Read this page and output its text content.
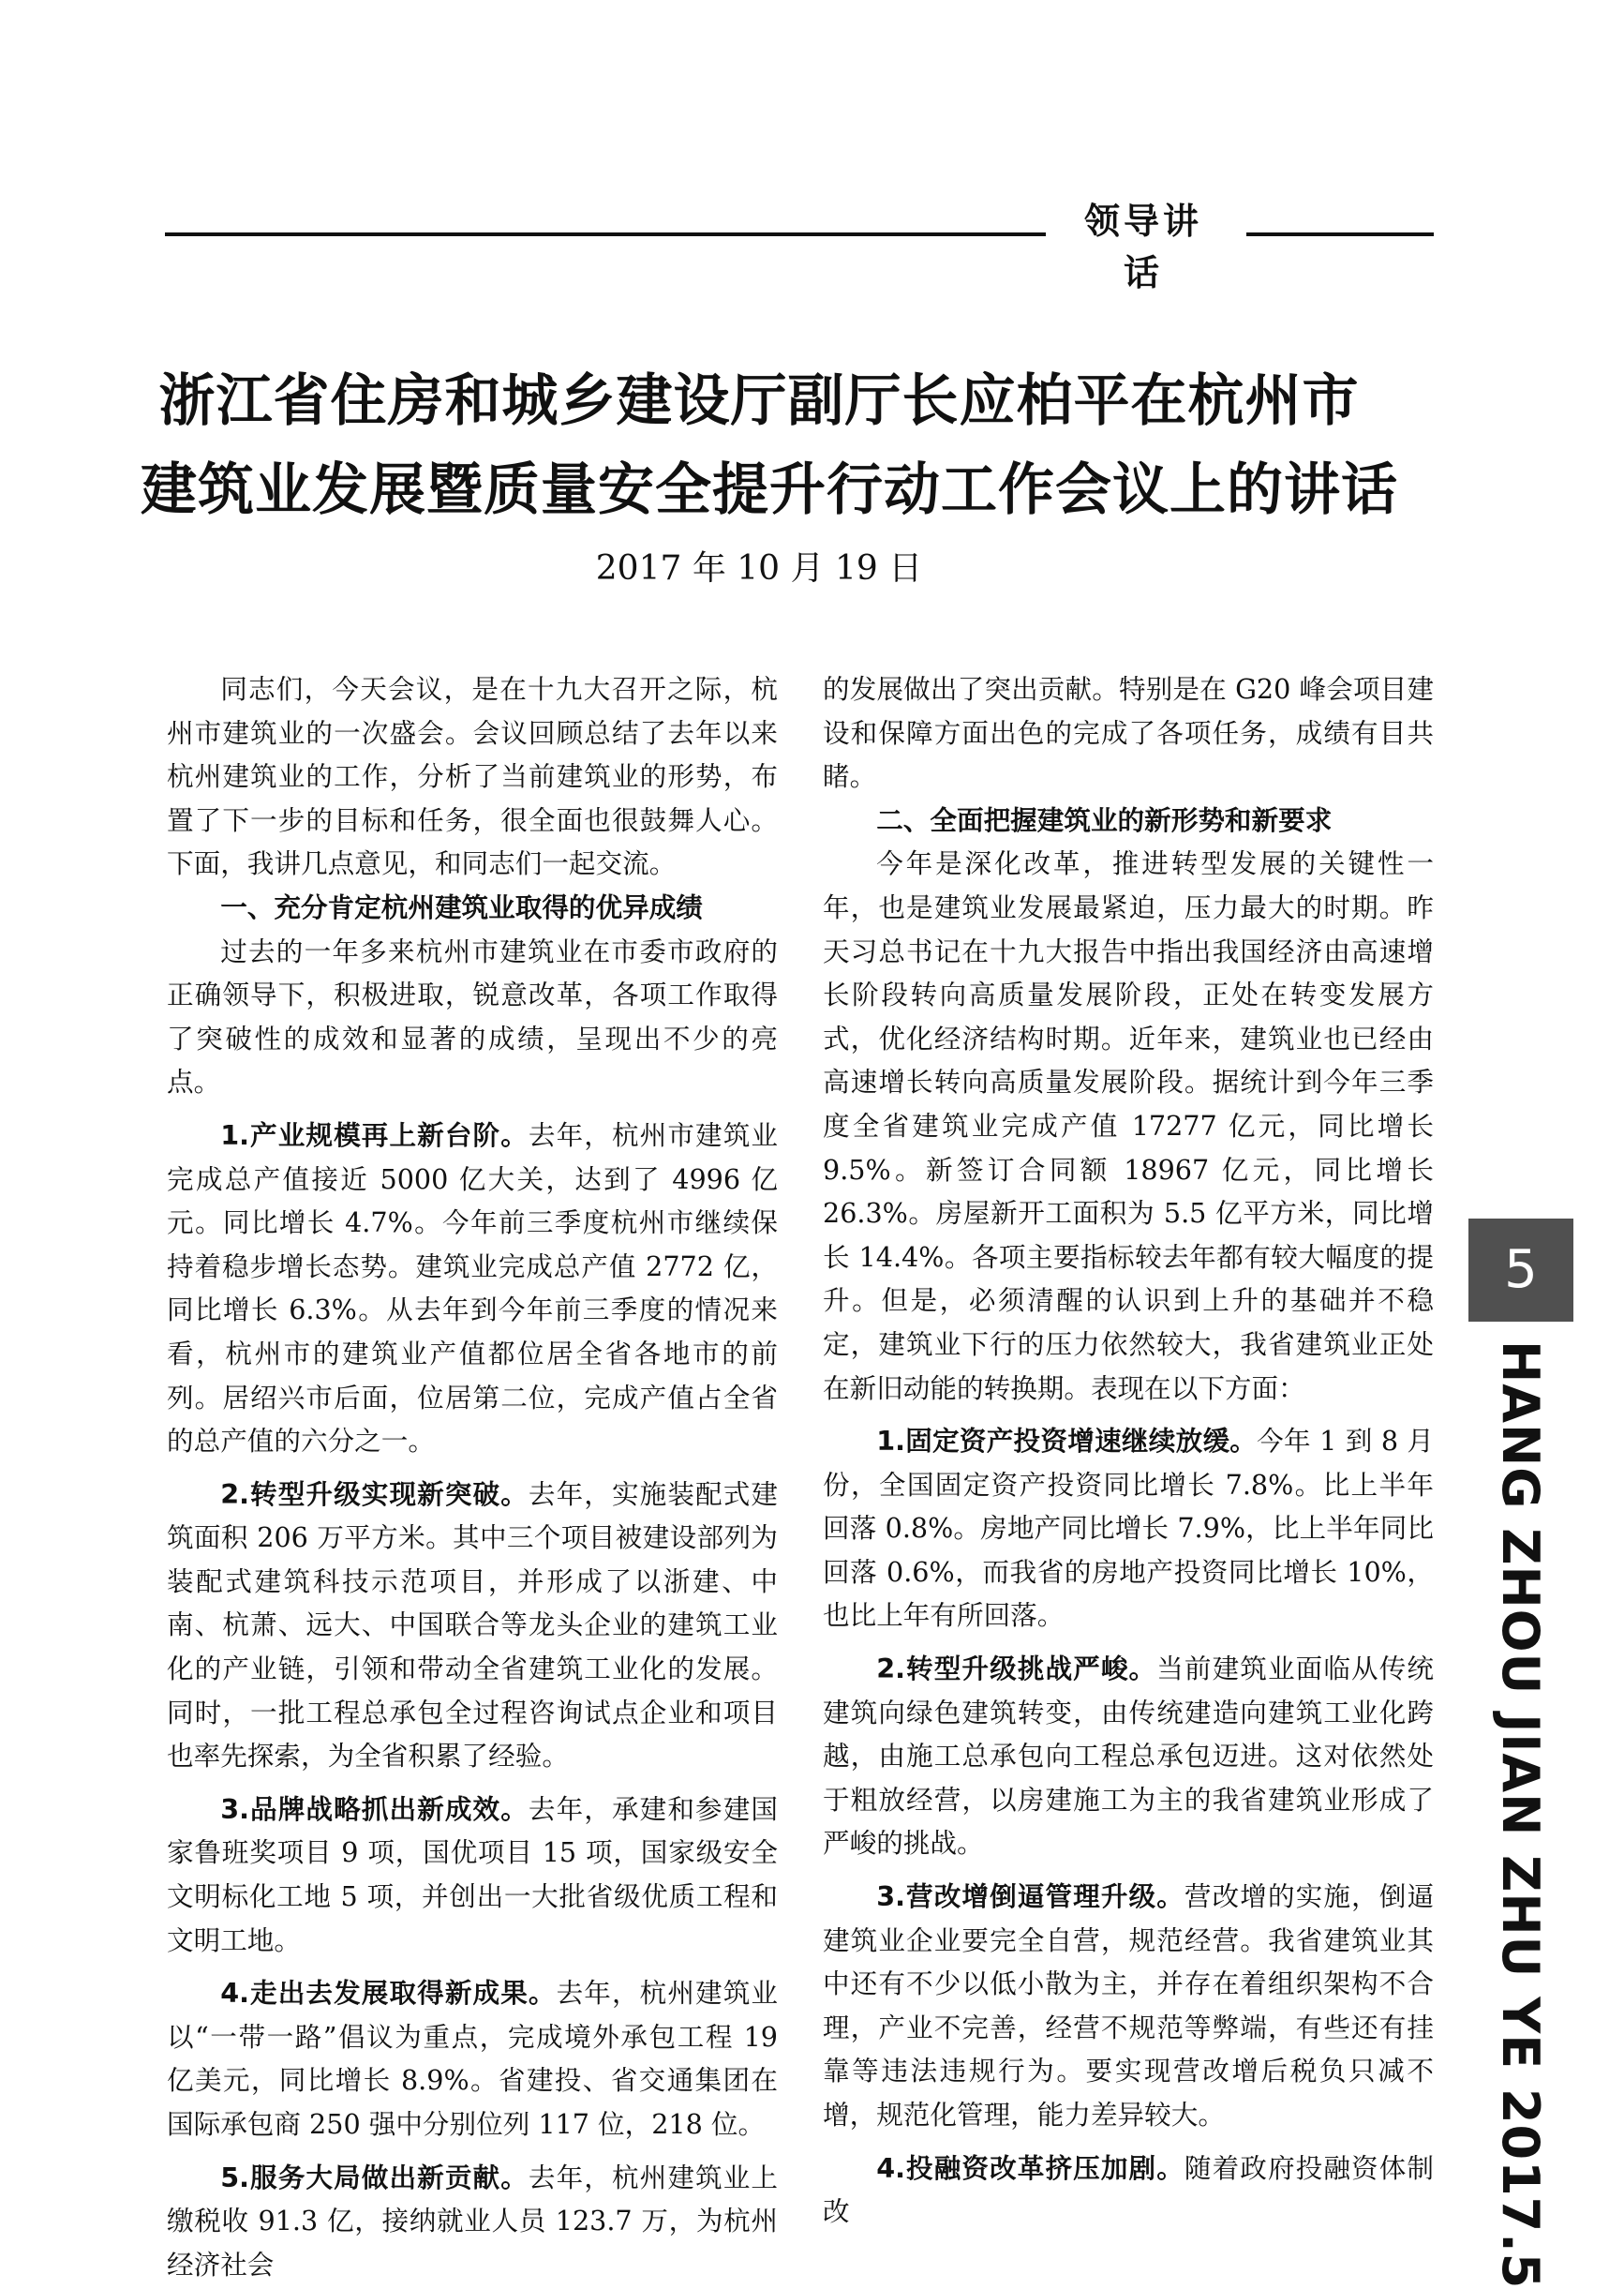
领导讲话
浙江省住房和城乡建设厅副厅长应柏平在杭州市
建筑业发展暨质量安全提升行动工作会议上的讲话
2017 年 10 月 19 日

同志们，今天会议，是在十九大召开之际，杭州市建筑业的一次盛会。会议回顾总结了去年以来杭州建筑业的工作，分析了当前建筑业的形势，布置了下一步的目标和任务，很全面也很鼓舞人心。下面，我讲几点意见，和同志们一起交流。

一、充分肯定杭州建筑业取得的优异成绩

过去的一年多来杭州市建筑业在市委市政府的正确领导下，积极进取，锐意改革，各项工作取得了突破性的成效和显著的成绩，呈现出不少的亮点。

1.产业规模再上新台阶。去年，杭州市建筑业完成总产值接近 5000 亿大关，达到了 4996 亿元。同比增长 4.7%。今年前三季度杭州市继续保持着稳步增长态势。建筑业完成总产值 2772 亿，同比增长 6.3%。从去年到今年前三季度的情况来看，杭州市的建筑业产值都位居全省各地市的前列。居绍兴市后面，位居第二位，完成产值占全省的总产值的六分之一。

2.转型升级实现新突破。去年，实施装配式建筑面积 206 万平方米。其中三个项目被建设部列为装配式建筑科技示范项目，并形成了以浙建、中南、杭萧、远大、中国联合等龙头企业的建筑工业化的产业链，引领和带动全省建筑工业化的发展。同时，一批工程总承包全过程咨询试点企业和项目也率先探索，为全省积累了经验。

3.品牌战略抓出新成效。去年，承建和参建国家鲁班奖项目 9 项，国优项目 15 项，国家级安全文明标化工地 5 项，并创出一大批省级优质工程和文明工地。

4.走出去发展取得新成果。去年，杭州建筑业以“一带一路”倡议为重点，完成境外承包工程 19 亿美元，同比增长 8.9%。省建投、省交通集团在国际承包商 250 强中分别位列 117 位，218 位。

5.服务大局做出新贡献。去年，杭州建筑业上缴税收 91.3 亿，接纳就业人员 123.7 万，为杭州经济社会

的发展做出了突出贡献。特别是在 G20 峰会项目建设和保障方面出色的完成了各项任务，成绩有目共睹。

二、全面把握建筑业的新形势和新要求

今年是深化改革，推进转型发展的关键性一年，也是建筑业发展最紧迫，压力最大的时期。昨天习总书记在十九大报告中指出我国经济由高速增长阶段转向高质量发展阶段，正处在转变发展方式，优化经济结构时期。近年来，建筑业也已经由高速增长转向高质量发展阶段。据统计到今年三季度全省建筑业完成产值 17277 亿元，同比增长 9.5%。新签订合同额 18967 亿元，同比增长 26.3%。房屋新开工面积为 5.5 亿平方米，同比增长 14.4%。各项主要指标较去年都有较大幅度的提升。但是，必须清醒的认识到上升的基础并不稳定，建筑业下行的压力依然较大，我省建筑业正处在新旧动能的转换期。表现在以下方面：

1.固定资产投资增速继续放缓。今年 1 到 8 月份，全国固定资产投资同比增长 7.8%。比上半年回落 0.8%。房地产同比增长 7.9%，比上半年同比回落 0.6%，而我省的房地产投资同比增长 10%，也比上年有所回落。

2.转型升级挑战严峻。当前建筑业面临从传统建筑向绿色建筑转变，由传统建造向建筑工业化跨越，由施工总承包向工程总承包迈进。这对依然处于粗放经营，以房建施工为主的我省建筑业形成了严峻的挑战。

3.营改增倒逼管理升级。营改增的实施，倒逼建筑业企业要完全自营，规范经营。我省建筑业其中还有不少以低小散为主，并存在着组织架构不合理，产业不完善，经营不规范等弊端，有些还有挂靠等违法违规行为。要实现营改增后税负只减不增，规范化管理，能力差异较大。

4.投融资改革挤压加剧。随着政府投融资体制改

5
HANG ZHOU JIAN ZHU YE 2017.5
